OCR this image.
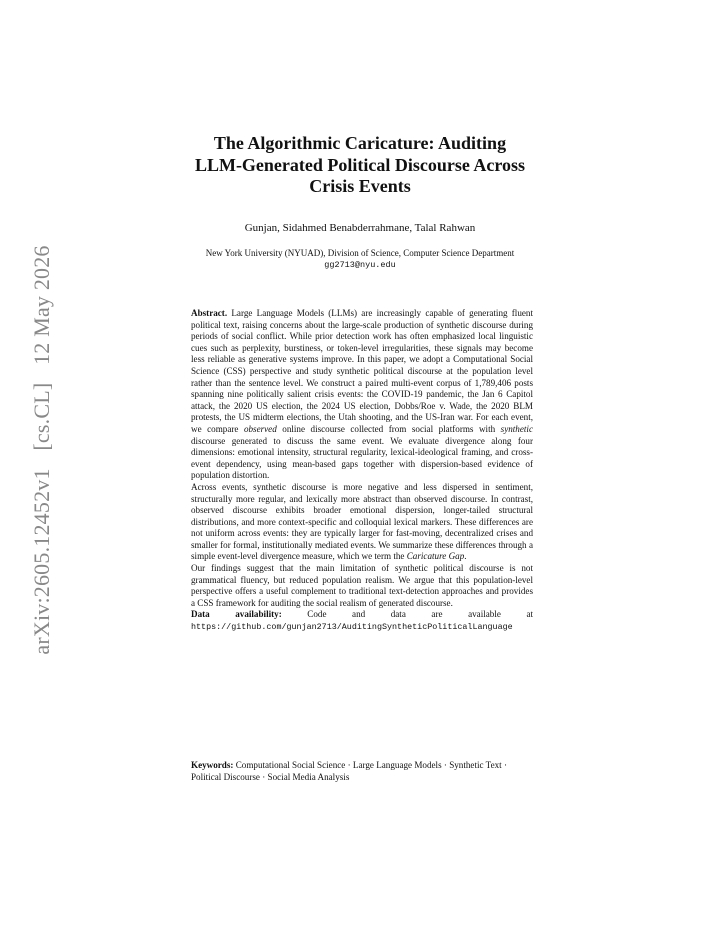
arXiv:2605.12452v1 [cs.CL] 12 May 2026
The Algorithmic Caricature: Auditing
LLM-Generated Political Discourse Across
Crisis Events
Gunjan, Sidahmed Benabderrahmane, Talal Rahwan
New York University (NYUAD), Division of Science, Computer Science Department
gg2713@nyu.edu

Abstract. Large Language Models (LLMs) are increasingly capable of generating fluent political text, raising concerns about the large-scale production of synthetic discourse during periods of social conflict. While prior detection work has often emphasized local linguistic cues such as perplexity, burstiness, or token-level irregularities, these signals may become less reliable as generative systems improve. In this paper, we adopt a Computational Social Science (CSS) perspective and study synthetic political discourse at the population level rather than the sentence level. We construct a paired multi-event corpus of 1,789,406 posts spanning nine politically salient crisis events: the COVID-19 pandemic, the Jan 6 Capitol attack, the 2020 US election, the 2024 US election, Dobbs/Roe v. Wade, the 2020 BLM protests, the US midterm elections, the Utah shooting, and the US-Iran war. For each event, we compare observed online discourse collected from social platforms with synthetic discourse generated to discuss the same event. We evaluate divergence along four dimensions: emotional intensity, structural regularity, lexical-ideological framing, and cross-event dependency, using mean-based gaps together with dispersion-based evidence of population distortion.

Across events, synthetic discourse is more negative and less dispersed in sentiment, structurally more regular, and lexically more abstract than observed discourse. In contrast, observed discourse exhibits broader emotional dispersion, longer-tailed structural distributions, and more context-specific and colloquial lexical markers. These differences are not uniform across events: they are typically larger for fast-moving, decentralized crises and smaller for formal, institutionally mediated events. We summarize these differences through a simple event-level divergence measure, which we term the Caricature Gap.

Our findings suggest that the main limitation of synthetic political discourse is not grammatical fluency, but reduced population realism. We argue that this population-level perspective offers a useful complement to traditional text-detection approaches and provides a CSS framework for auditing the social realism of generated discourse.

Data availability:	Code and data are available at https://github.com/gunjan2713/AuditingSyntheticPoliticalLanguage

Keywords: Computational Social Science · Large Language Models · Synthetic Text · Political Discourse · Social Media Analysis
